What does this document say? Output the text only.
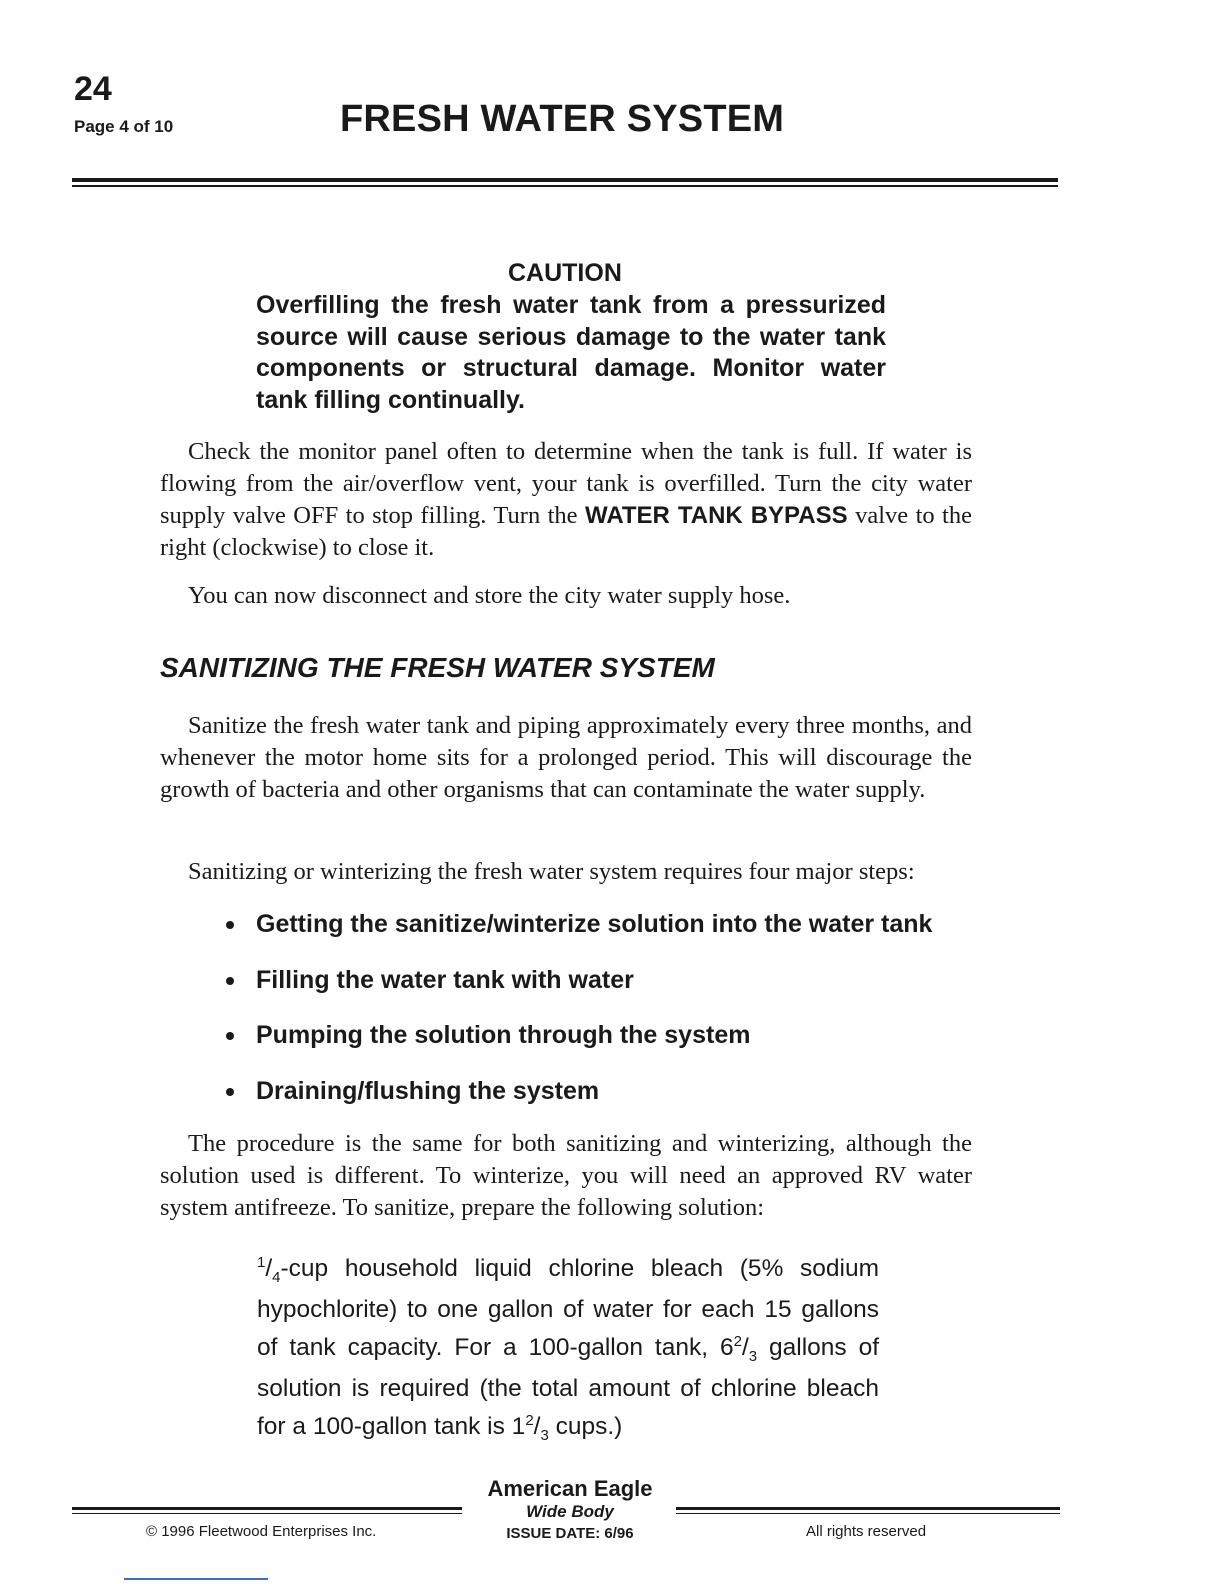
24
Page 4 of 10	FRESH WATER SYSTEM
CAUTION
Overfilling the fresh water tank from a pressurized source will cause serious damage to the water tank components or structural damage. Monitor water tank filling continually.
Check the monitor panel often to determine when the tank is full. If water is flowing from the air/overflow vent, your tank is overfilled. Turn the city water supply valve OFF to stop filling. Turn the WATER TANK BYPASS valve to the right (clockwise) to close it.
You can now disconnect and store the city water supply hose.
SANITIZING THE FRESH WATER SYSTEM
Sanitize the fresh water tank and piping approximately every three months, and whenever the motor home sits for a prolonged period. This will discourage the growth of bacteria and other organisms that can contaminate the water supply.
Sanitizing or winterizing the fresh water system requires four major steps:
Getting the sanitize/winterize solution into the water tank
Filling the water tank with water
Pumping the solution through the system
Draining/flushing the system
The procedure is the same for both sanitizing and winterizing, although the solution used is different. To winterize, you will need an approved RV water system antifreeze. To sanitize, prepare the following solution:
$^1/_4$-cup household liquid chlorine bleach (5% sodium hypochlorite) to one gallon of water for each 15 gallons of tank capacity. For a 100-gallon tank, $6^2/_3$ gallons of solution is required (the total amount of chlorine bleach for a 100-gallon tank is $1^2/_3$ cups.)
American Eagle
Wide Body
© 1996 Fleetwood Enterprises Inc.	ISSUE DATE: 6/96	All rights reserved
